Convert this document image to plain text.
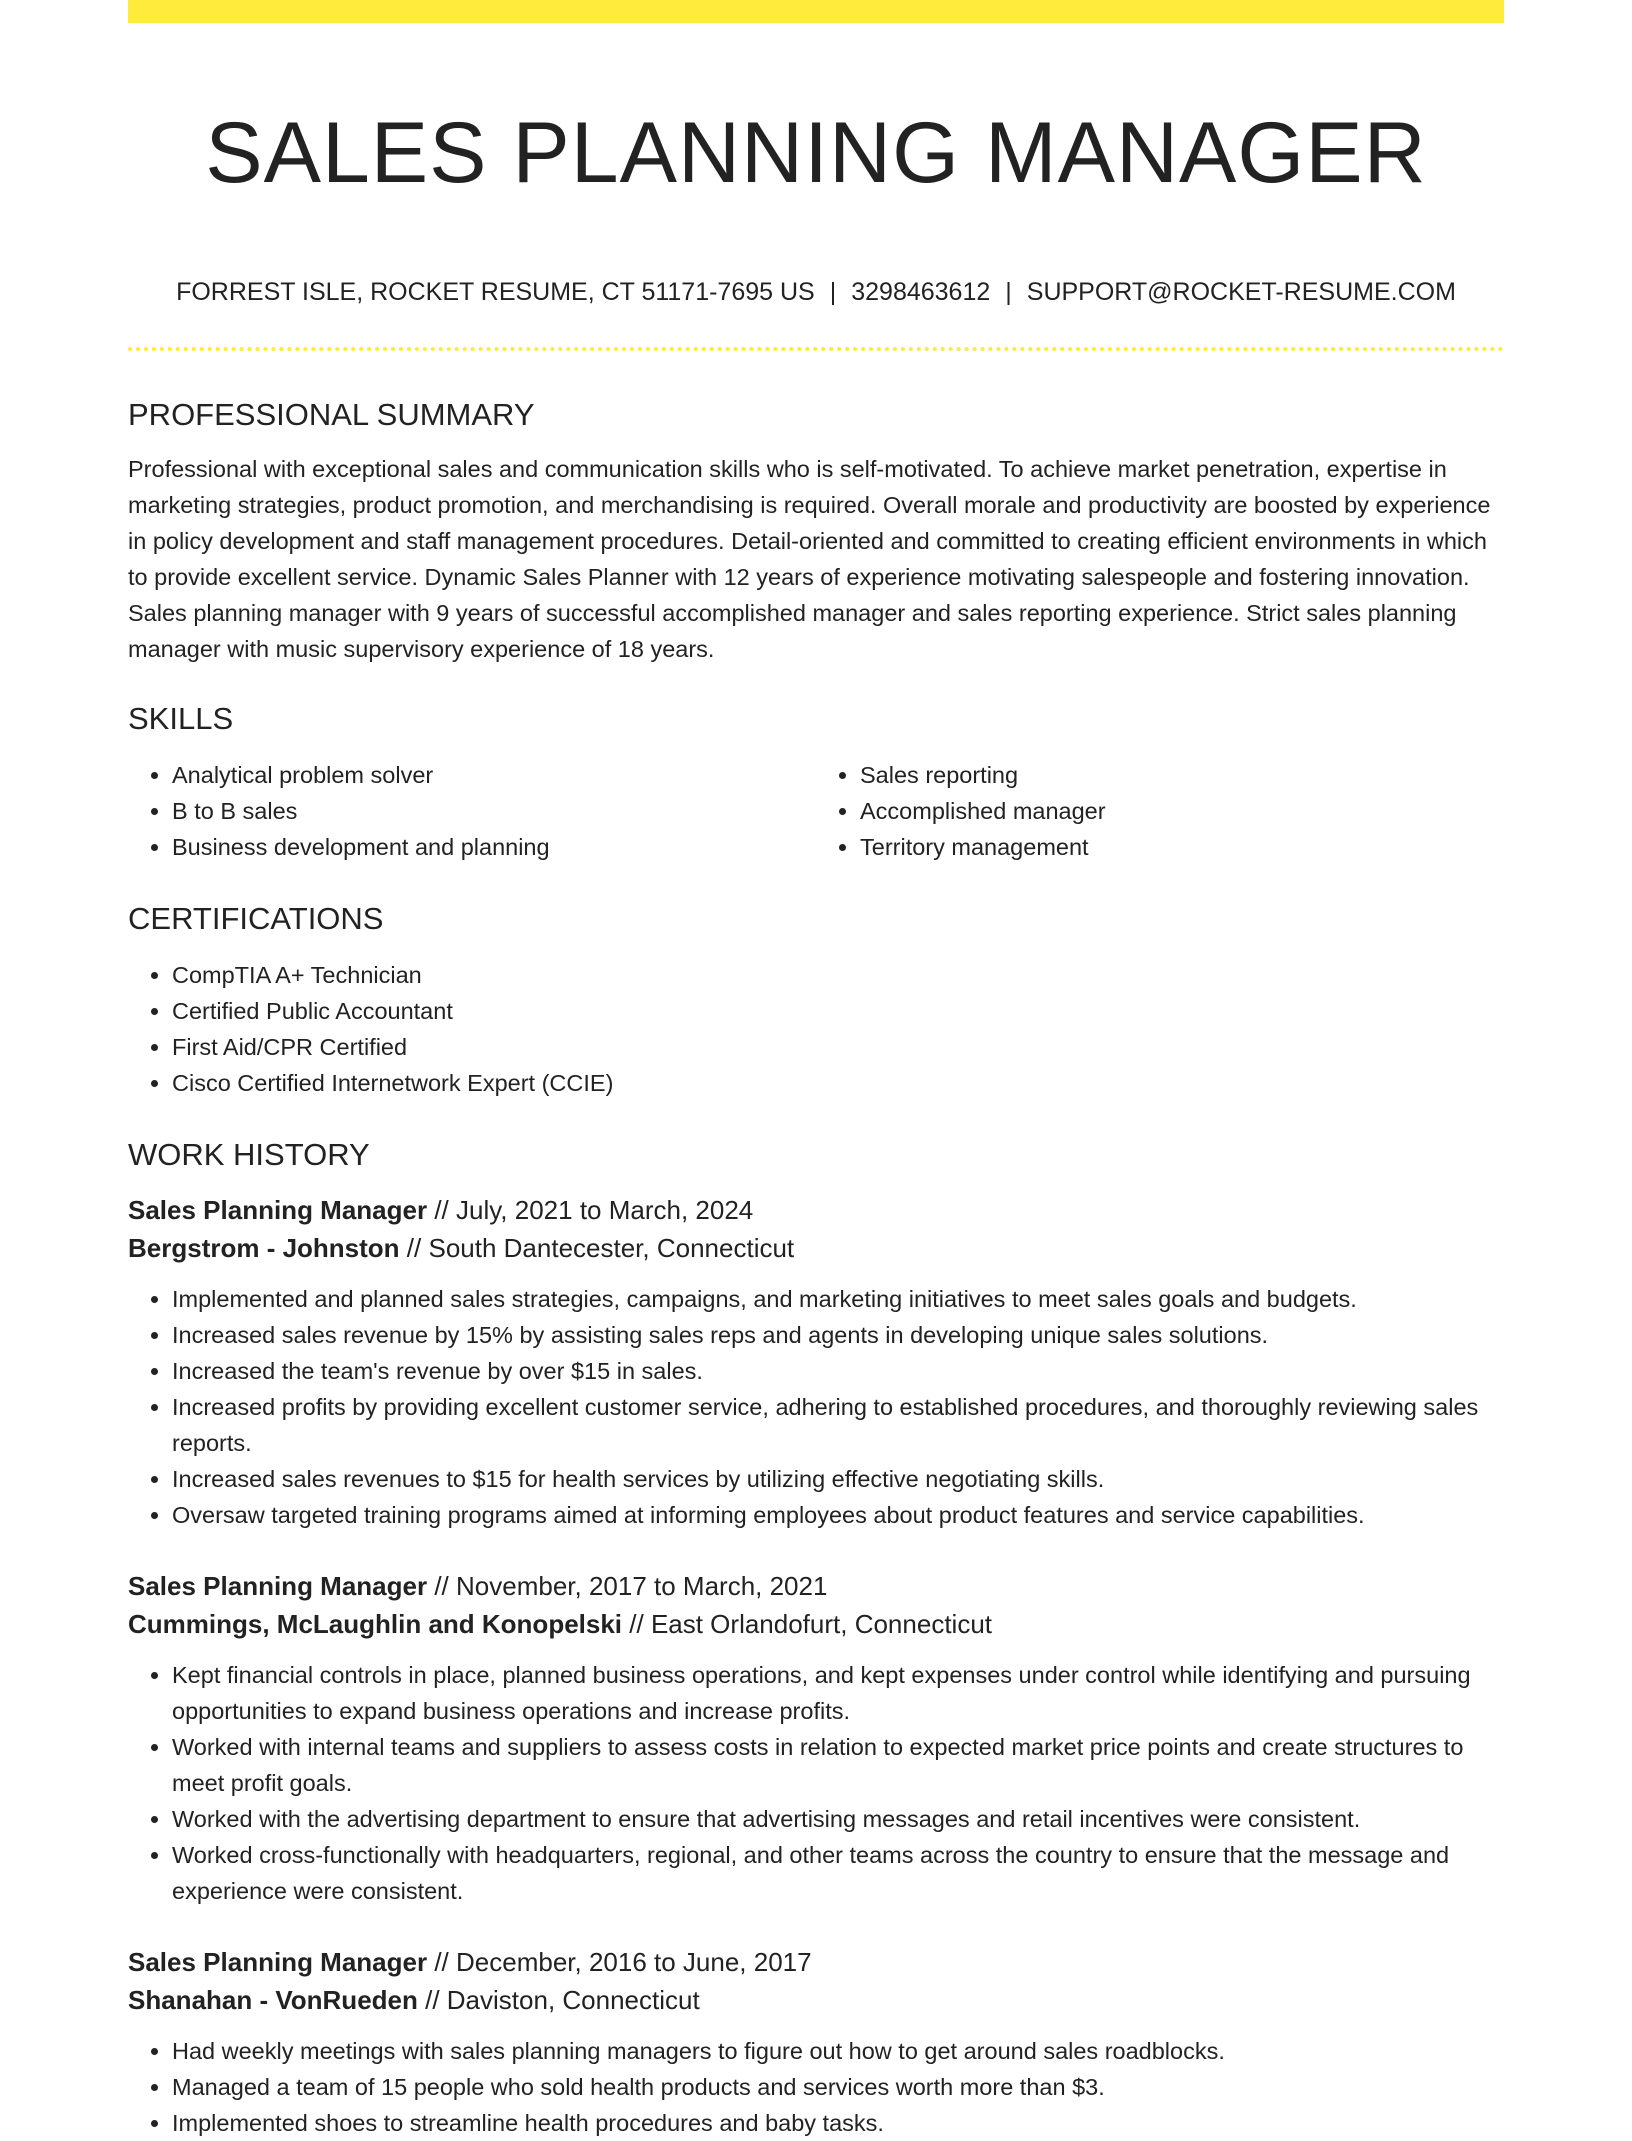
SALES PLANNING MANAGER
FORREST ISLE, ROCKET RESUME, CT 51171-7695 US | 3298463612 | SUPPORT@ROCKET-RESUME.COM
PROFESSIONAL SUMMARY

Professional with exceptional sales and communication skills who is self-motivated. To achieve market penetration, expertise in marketing strategies, product promotion, and merchandising is required. Overall morale and productivity are boosted by experience in policy development and staff management procedures. Detail-oriented and committed to creating efficient environments in which to provide excellent service. Dynamic Sales Planner with 12 years of experience motivating salespeople and fostering innovation. Sales planning manager with 9 years of successful accomplished manager and sales reporting experience. Strict sales planning manager with music supervisory experience of 18 years.

SKILLS
• Analytical problem solver
• B to B sales
• Business development and planning
• Sales reporting
• Accomplished manager
• Territory management
CERTIFICATIONS
• CompTIA A+ Technician
• Certified Public Accountant
• First Aid/CPR Certified
• Cisco Certified Internetwork Expert (CCIE)
WORK HISTORY
Sales Planning Manager // July, 2021 to March, 2024
Bergstrom - Johnston // South Dantecester, Connecticut
• Implemented and planned sales strategies, campaigns, and marketing initiatives to meet sales goals and budgets.
• Increased sales revenue by 15% by assisting sales reps and agents in developing unique sales solutions.
• Increased the team's revenue by over $15 in sales.
• Increased profits by providing excellent customer service, adhering to established procedures, and thoroughly reviewing sales reports.
• Increased sales revenues to $15 for health services by utilizing effective negotiating skills.
• Oversaw targeted training programs aimed at informing employees about product features and service capabilities.
Sales Planning Manager // November, 2017 to March, 2021
Cummings, McLaughlin and Konopelski // East Orlandofurt, Connecticut
• Kept financial controls in place, planned business operations, and kept expenses under control while identifying and pursuing opportunities to expand business operations and increase profits.
• Worked with internal teams and suppliers to assess costs in relation to expected market price points and create structures to meet profit goals.
• Worked with the advertising department to ensure that advertising messages and retail incentives were consistent.
• Worked cross-functionally with headquarters, regional, and other teams across the country to ensure that the message and experience were consistent.
Sales Planning Manager // December, 2016 to June, 2017
Shanahan - VonRueden // Daviston, Connecticut
• Had weekly meetings with sales planning managers to figure out how to get around sales roadblocks.
• Managed a team of 15 people who sold health products and services worth more than $3.
• Implemented shoes to streamline health procedures and baby tasks.
